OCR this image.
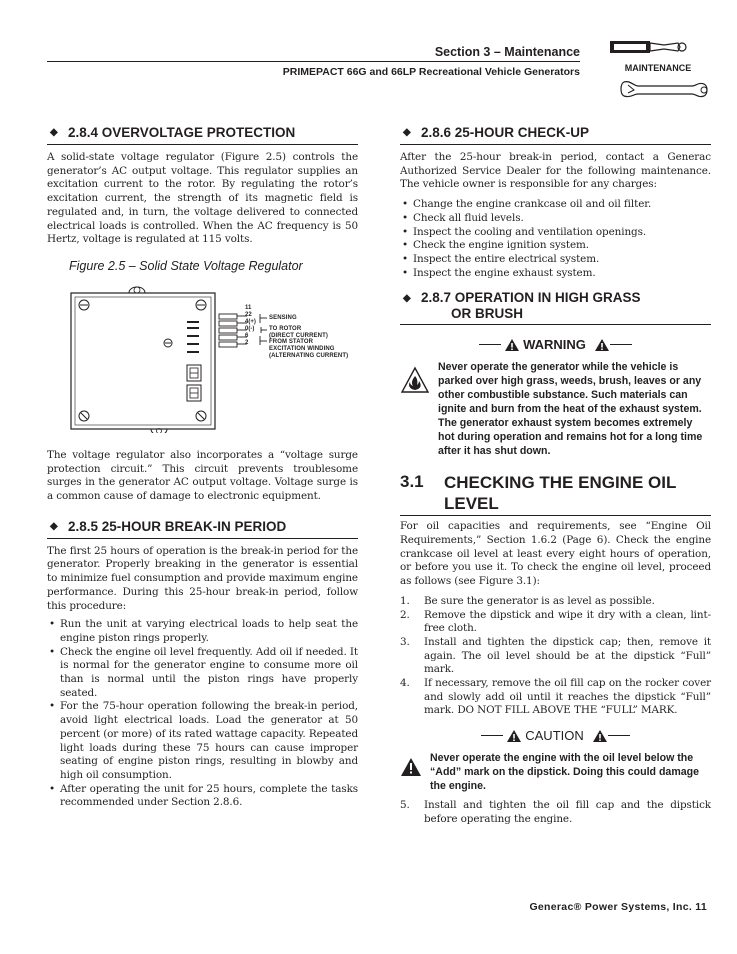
Section 3 – Maintenance
PRIMEPACT 66G and 66LP Recreational Vehicle Generators	MAINTENANCE
◆ 2.8.4 OVERVOLTAGE PROTECTION

A solid-state voltage regulator (Figure 2.5) controls the generator’s AC output voltage. This regulator supplies an excitation current to the rotor. By regulating the rotor’s excitation current, the strength of its magnetic field is regulated and, in turn, the voltage delivered to connected electrical loads is controlled. When the AC frequency is 50 Hertz, voltage is regulated at 115 volts.

Figure 2.5 – Solid State Voltage Regulator

11
22
4(+)
0(-)
6
2
SENSING
TO ROTOR
(DIRECT CURRENT)
FROM STATOR
EXCITATION WINDING
(ALTERNATING CURRENT)

The voltage regulator also incorporates a “voltage surge protection circuit.” This circuit prevents troublesome surges in the generator AC output voltage. Voltage surge is a common cause of damage to electronic equipment.

◆ 2.8.5 25-HOUR BREAK-IN PERIOD

The first 25 hours of operation is the break-in period for the generator. Properly breaking in the generator is essential to minimize fuel consumption and provide maximum engine performance. During this 25-hour break-in period, follow this procedure:

• Run the unit at varying electrical loads to help seat the engine piston rings properly.
• Check the engine oil level frequently. Add oil if needed. It is normal for the generator engine to consume more oil than is normal until the piston rings have properly seated.
• For the 75-hour operation following the break-in period, avoid light electrical loads. Load the generator at 50 percent (or more) of its rated wattage capacity. Repeated light loads during these 75 hours can cause improper seating of engine piston rings, resulting in blowby and high oil consumption.
• After operating the unit for 25 hours, complete the tasks recommended under Section 2.8.6.
◆ 2.8.6 25-HOUR CHECK-UP

After the 25-hour break-in period, contact a Generac Authorized Service Dealer for the following maintenance. The vehicle owner is responsible for any charges:

• Change the engine crankcase oil and oil filter.
• Check all fluid levels.
• Inspect the cooling and ventilation openings.
• Check the engine ignition system.
• Inspect the entire electrical system.
• Inspect the engine exhaust system.
◆ 2.8.7 OPERATION IN HIGH GRASS
OR BRUSH
WARNING

Never operate the generator while the vehicle is parked over high grass, weeds, brush, leaves or any other combustible substance. Such materials can ignite and burn from the heat of the exhaust system. The generator exhaust system becomes extremely hot during operation and remains hot for a long time after it has shut down.

3.1	CHECKING THE ENGINE OIL
LEVEL

For oil capacities and requirements, see “Engine Oil Requirements,” Section 1.6.2 (Page 6). Check the engine crankcase oil level at least every eight hours of operation, or before you use it. To check the engine oil level, proceed as follows (see Figure 3.1):

1.	Be sure the generator is as level as possible.
2.	Remove the dipstick and wipe it dry with a clean, lint-free cloth.
3.	Install and tighten the dipstick cap; then, remove it again. The oil level should be at the dipstick “Full” mark.
4.	If necessary, remove the oil fill cap on the rocker cover and slowly add oil until it reaches the dipstick “Full” mark. DO NOT FILL ABOVE THE “FULL” MARK.
CAUTION

Never operate the engine with the oil level below the “Add” mark on the dipstick. Doing this could damage the engine.

5.	Install and tighten the oil fill cap and the dipstick before operating the engine.
Generac® Power Systems, Inc. 11
